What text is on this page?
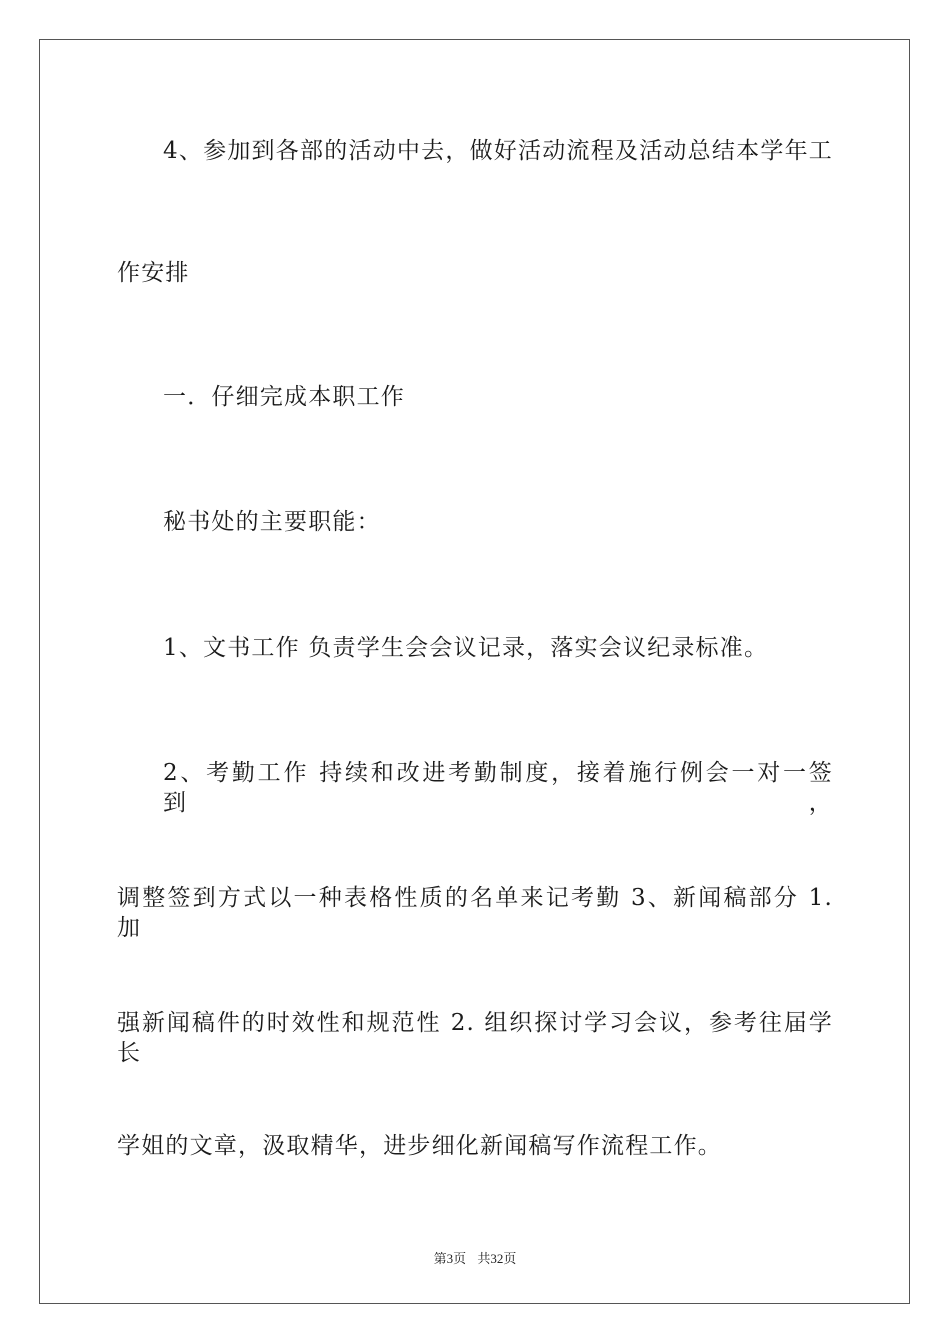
4、参加到各部的活动中去，做好活动流程及活动总结本学年工
作安排
一．仔细完成本职工作
秘书处的主要职能：
1、文书工作 负责学生会会议记录，落实会议纪录标准。
2、考勤工作 持续和改进考勤制度，接着施行例会一对一签到，
调整签到方式以一种表格性质的名单来记考勤 3、新闻稿部分 1. 加
强新闻稿件的时效性和规范性 2. 组织探讨学习会议，参考往届学长
学姐的文章，汲取精华，进步细化新闻稿写作流程工作。
第3页 共32页
